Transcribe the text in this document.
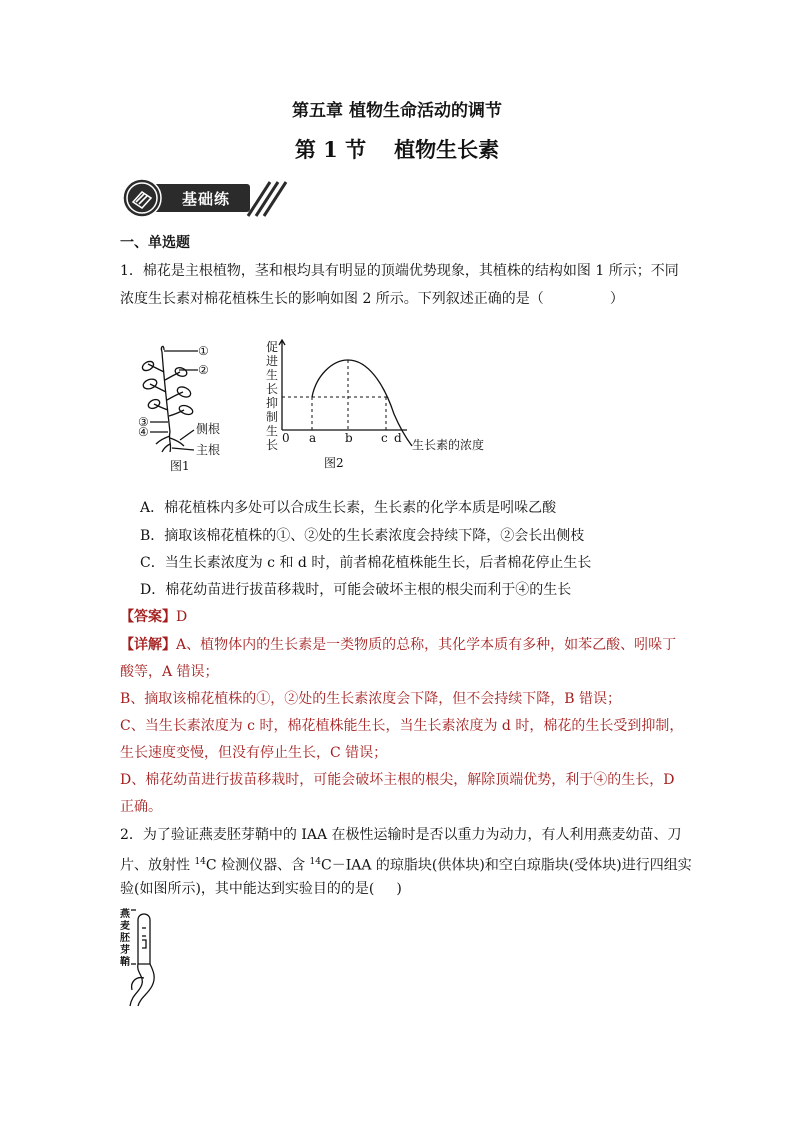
第五章 植物生命活动的调节
第 1 节 植物生长素
基础练
一、单选题
1．棉花是主根植物，茎和根均具有明显的顶端优势现象，其植株的结构如图 1 所示；不同
浓度生长素对棉花植株生长的影响如图 2 所示。下列叙述正确的是（	）
①
②
③
④	侧根
主根
图1
促
进
生
长
抑
制
生
长 0 a b c d 生长素的浓度
图2
A．棉花植株内多处可以合成生长素，生长素的化学本质是吲哚乙酸
B．摘取该棉花植株的①、②处的生长素浓度会持续下降，②会长出侧枝
C．当生长素浓度为 c 和 d 时，前者棉花植株能生长，后者棉花停止生长
D．棉花幼苗进行拔苗移栽时，可能会破坏主根的根尖而利于④的生长
【答案】D
【详解】A、植物体内的生长素是一类物质的总称，其化学本质有多种，如苯乙酸、吲哚丁
酸等，A 错误；
B、摘取该棉花植株的①，②处的生长素浓度会下降，但不会持续下降，B 错误；
C、当生长素浓度为 c 时，棉花植株能生长，当生长素浓度为 d 时，棉花的生长受到抑制，
生长速度变慢，但没有停止生长，C 错误；
D、棉花幼苗进行拔苗移栽时，可能会破坏主根的根尖，解除顶端优势，利于④的生长，D
正确。
2．为了验证燕麦胚芽鞘中的 IAA 在极性运输时是否以重力为动力，有人利用燕麦幼苗、刀
片、放射性 $^{14}$C 检测仪器、含 $^{14}$C－IAA 的琼脂块(供体块)和空白琼脂块(受体块)进行四组实
验(如图所示)，其中能达到实验目的的是( )
燕
麦
胚
芽
鞘
